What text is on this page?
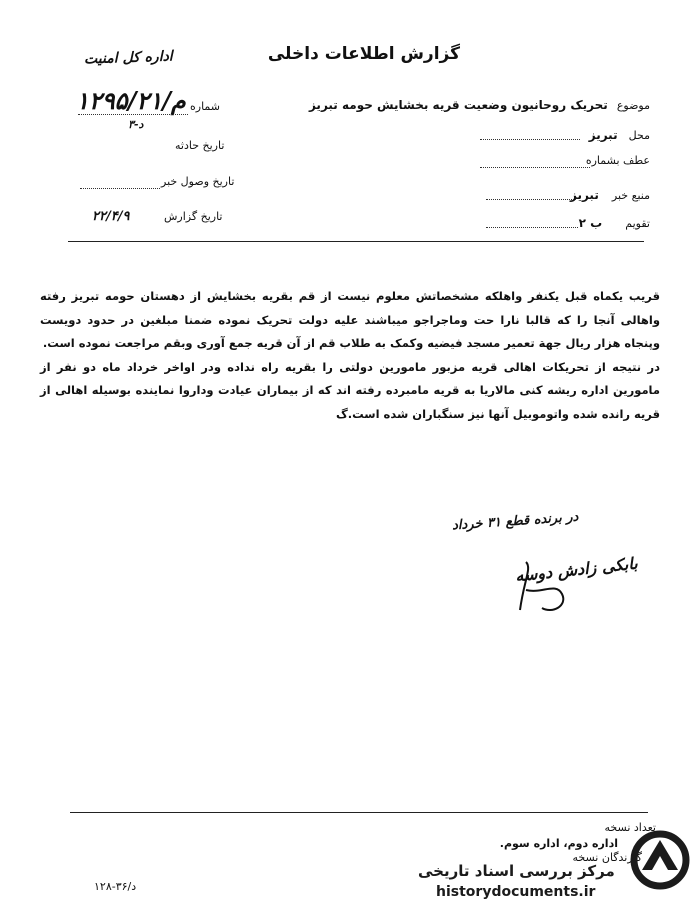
گزارش اطلاعات داخلی
اداره کل امنیت
موضوع تحریک روحانیون وضعیت قریه بخشایش حومه تبریز
محل تبریز
عطف بشماره
منبع خبر تبریز
تقویم ب ۲
شماره
۱۲۹۵/۲۱/م
د-۳
تاریخ حادثه
تاریخ وصول خبر
تاریخ گزارش
۲۲/۴/۹

قریب یکماه قبل یکنفر واهلکه مشخصاتش معلوم نیست از قم بقریه بخشایش از دهستان حومه تبریز رفته واهالی آنجا را که قالبا نارا حت وماجراجو میباشند علیه دولت تحریک نموده ضمنا مبلغین در حدود دویست وپنجاه هزار ریال جهة تعمیر مسجد فیضیه وکمک به طلاب قم از آن قریه جمع آوری وبقم مراجعت نموده است.

در نتیجه از تحریکات اهالی قریه مزبور مامورین دولتی را بقریه راه نداده ودر اواخر خرداد ماه دو نفر از مامورین اداره ریشه کنی مالاریا به قریه مامبرده رفته اند که از بیماران عیادت وداروا نماینده بوسیله اهالی از قریه رانده شده واتوموبیل آنها نیز سنگباران شده است.گ

در برنده قطع ۳۱ خرداد
بابکی زادش دوسه
تعداد نسخه
اداره دوم، اداره سوم.
گیرندگان نسخه
۱۲۸-۳۶/د
مرکز بررسی اسناد تاریخی
historydocuments.ir
